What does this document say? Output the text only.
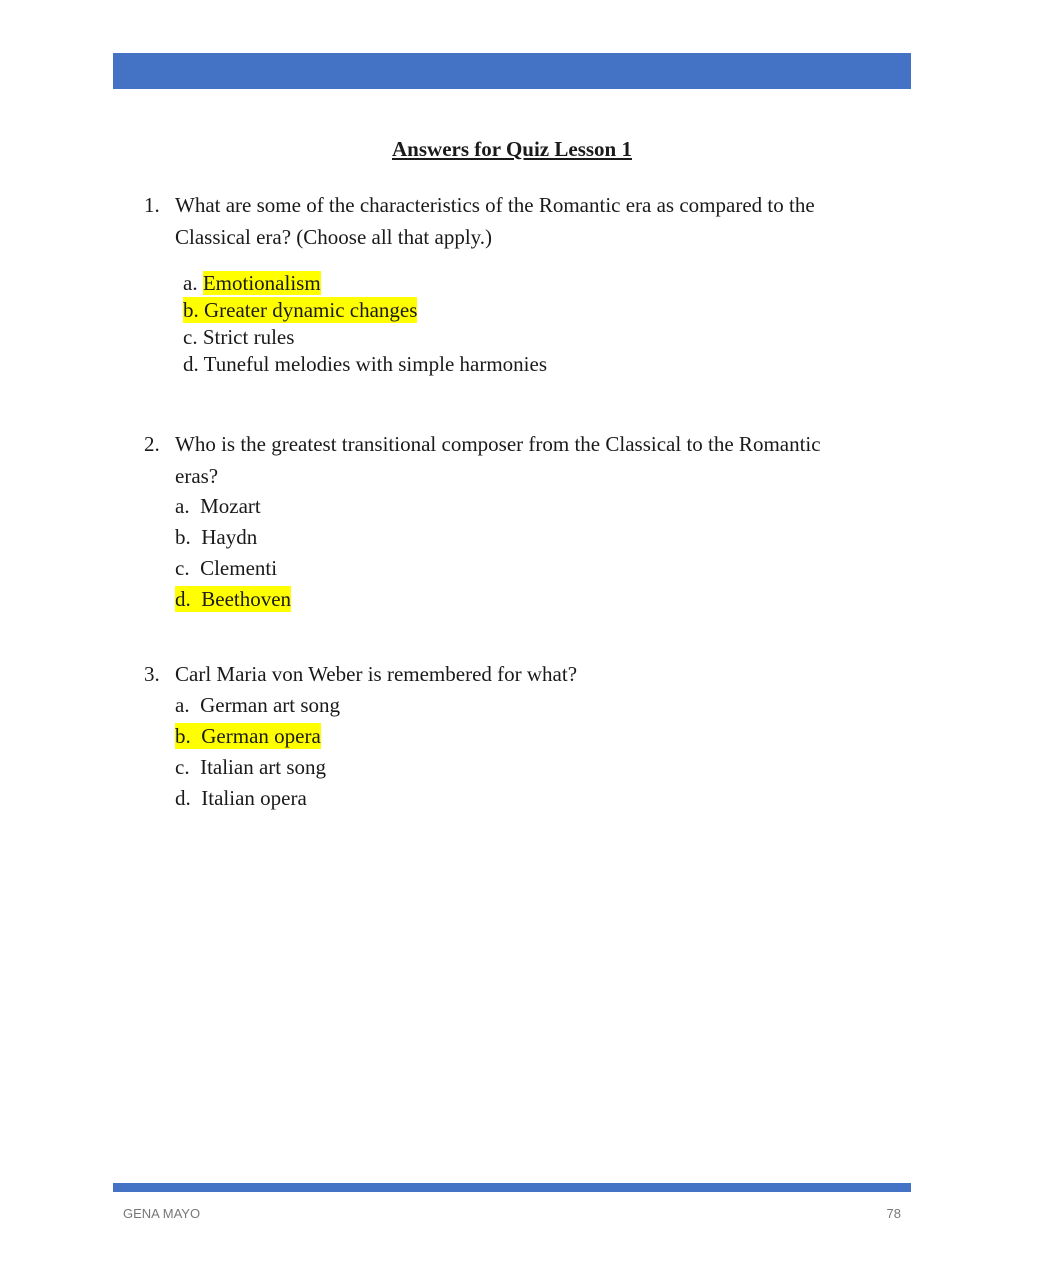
Answers for Quiz Lesson 1
1. What are some of the characteristics of the Romantic era as compared to the
Classical era? (Choose all that apply.)
a. Emotionalism
b. Greater dynamic changes
c. Strict rules
d. Tuneful melodies with simple harmonies
2. Who is the greatest transitional composer from the Classical to the Romantic
eras?
a. Mozart
b. Haydn
c. Clementi
d. Beethoven
3. Carl Maria von Weber is remembered for what?
a. German art song
b. German opera
c. Italian art song
d. Italian opera
GENA MAYO	78
